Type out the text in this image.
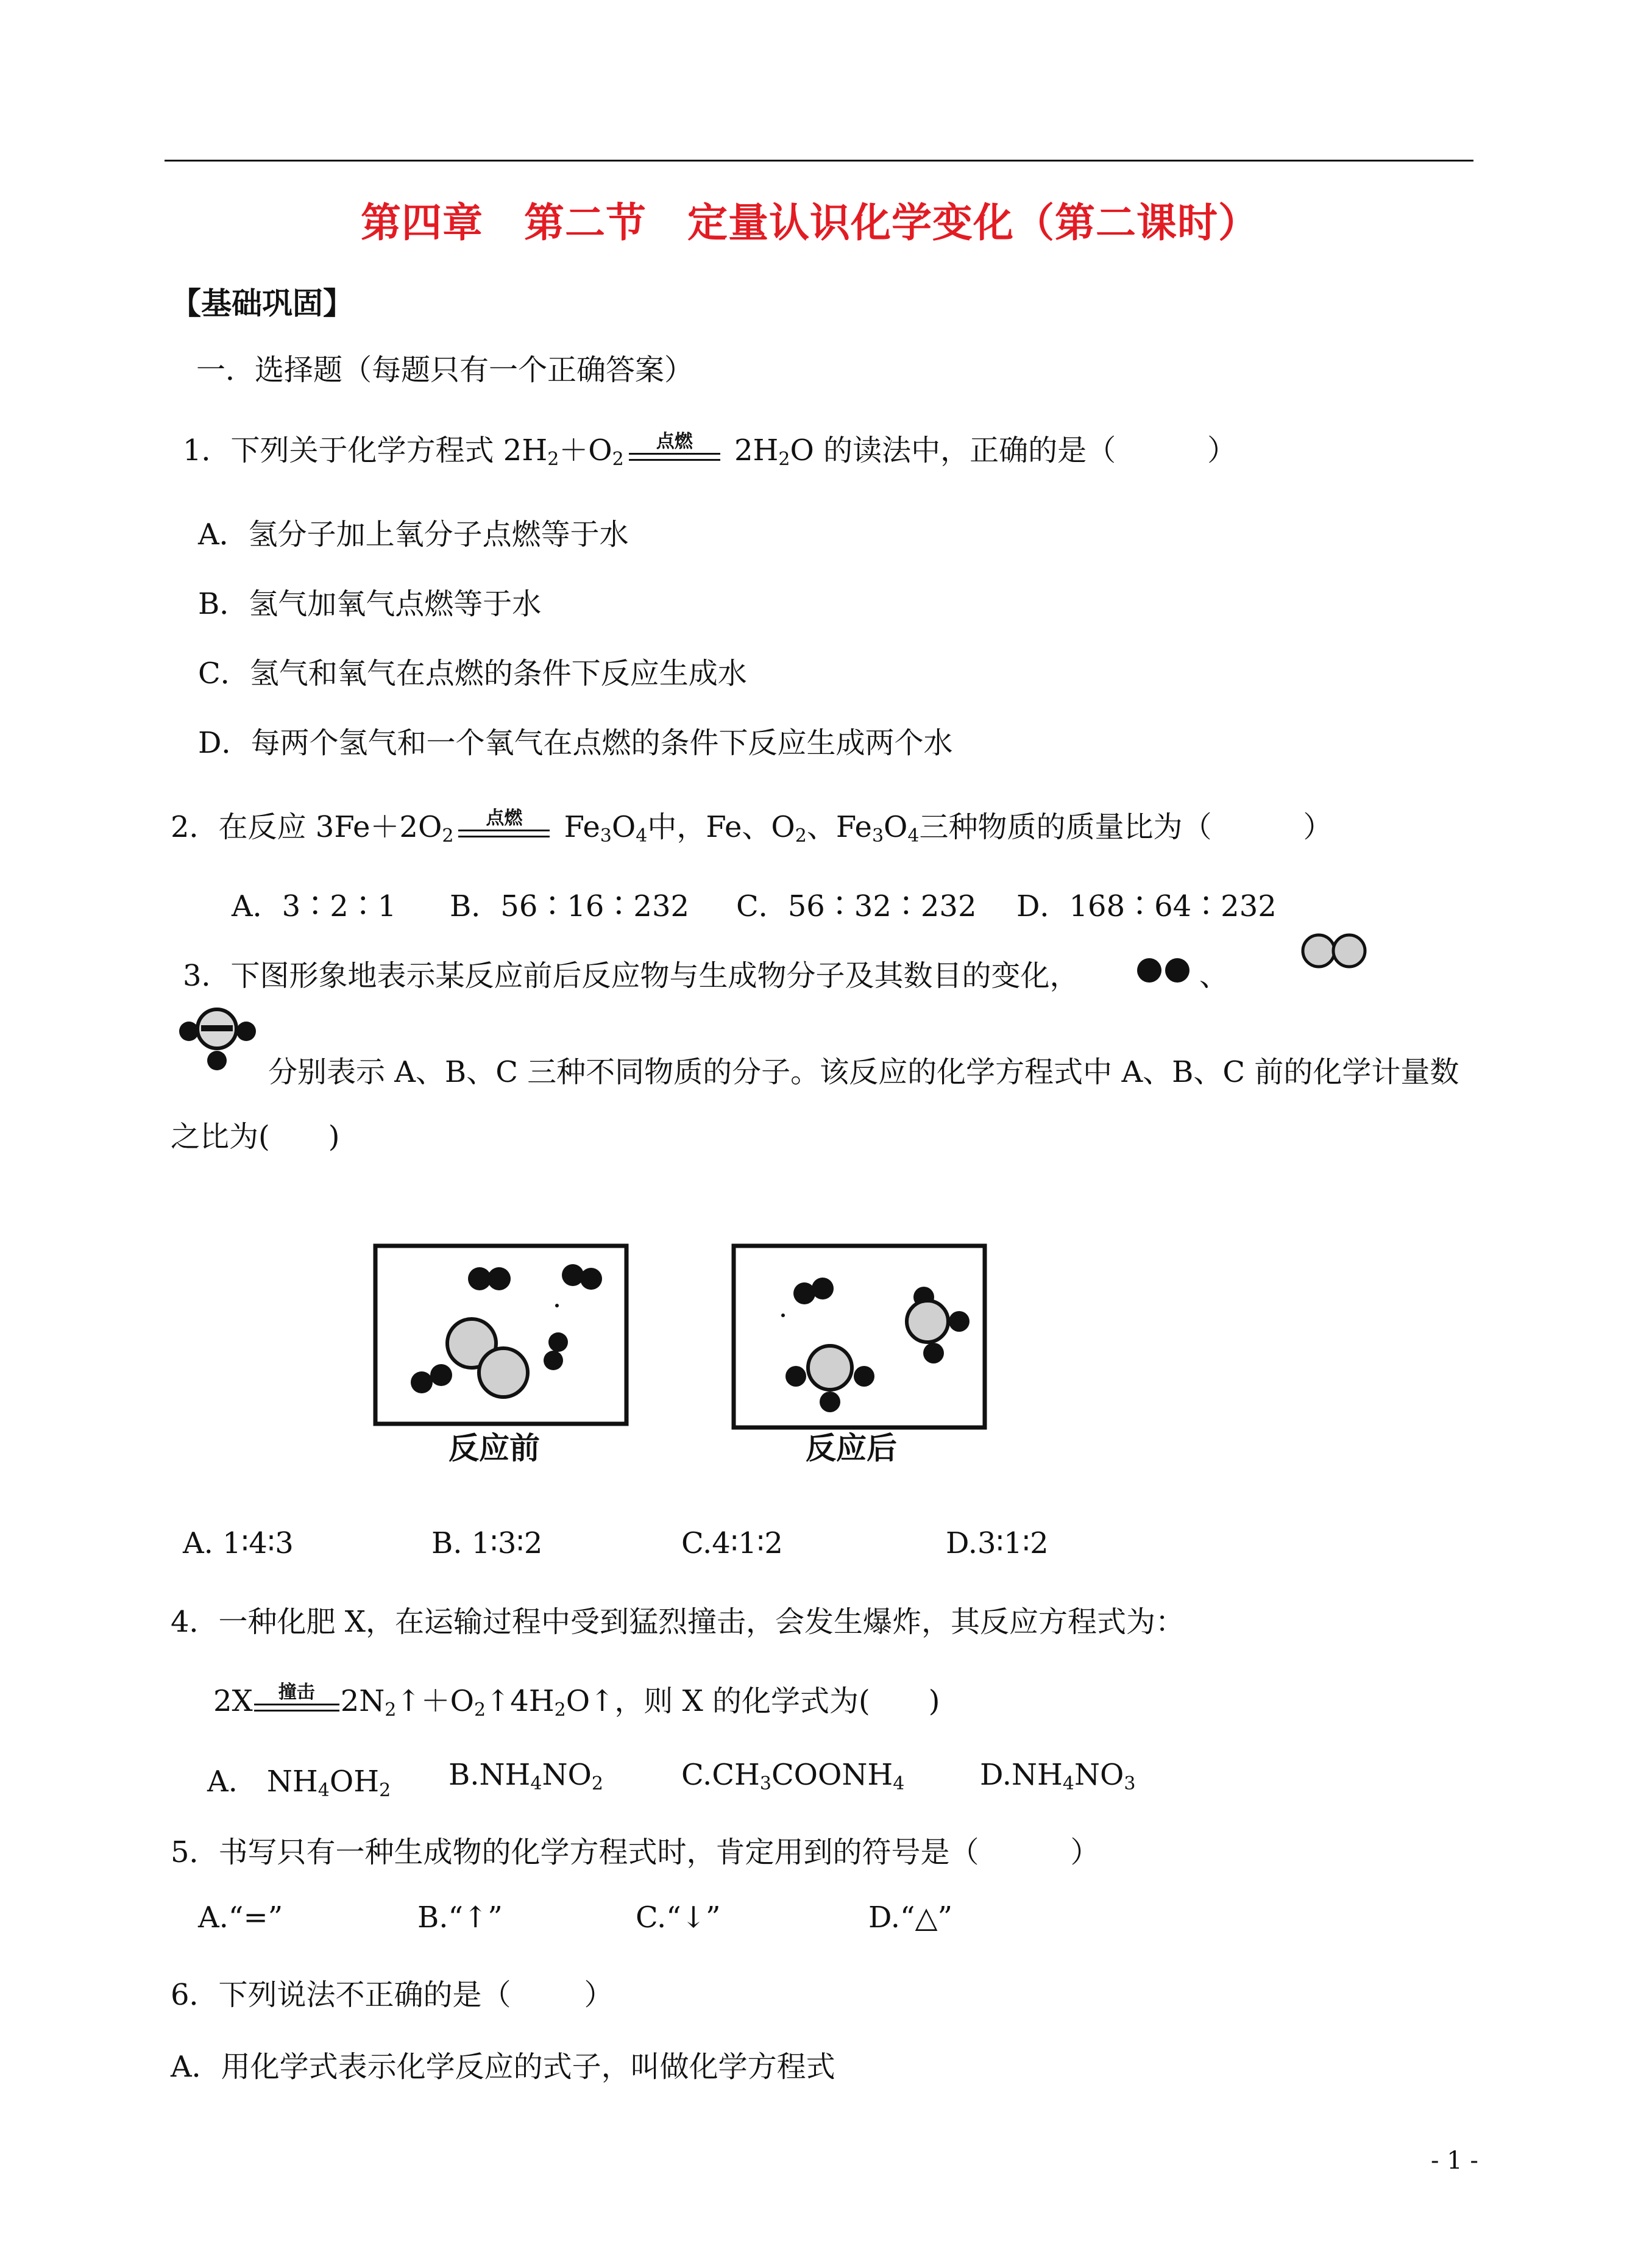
第四章　第二节　定量认识化学变化（第二课时）
【基础巩固】
一．选择题（每题只有一个正确答案）
1．下列关于化学方程式 $2H_2+O_2$
点燃	$2H_2O$ 的读法中，正确的是（	）
A．氢分子加上氧分子点燃等于水
B．氢气加氧气点燃等于水
C．氢气和氧气在点燃的条件下反应生成水
D．每两个氢气和一个氧气在点燃的条件下反应生成两个水
2．在反应 $3Fe+2O_2$
点燃	$Fe_3O_4$中，Fe、$O_2$、$Fe_3O_4$三种物质的质量比为（	）
A．3∶2∶1 B．56∶16∶232 C．56∶32∶232 D．168∶64∶232
3．下图形象地表示某反应前后反应物与生成物分子及其数目的变化，	、
分别表示 A、B、C 三种不同物质的分子。该反应的化学方程式中 A、B、C 前的化学计量数
之比为(　　)
反应前	反应后
A. 1∶4∶3	B. 1∶3∶2	C.4∶1∶2	D.3∶1∶2
4．一种化肥 X，在运输过程中受到猛烈撞击，会发生爆炸，其反应方程式为：
2X	撞击 $2N_2↑+O_2↑4H_2O↑$，则 X 的化学式为(　　)
A.　$NH_4OH_2$ $B.NH_4NO_2$	$C.CH_3COONH_4$	$D.NH_4NO_3$
5．书写只有一种生成物的化学方程式时，肯定用到的符号是（	）
A.“=”	B.“↑”	C.“↓”	D.“△”
6．下列说法不正确的是（	）
A．用化学式表示化学反应的式子，叫做化学方程式
- 1 -
